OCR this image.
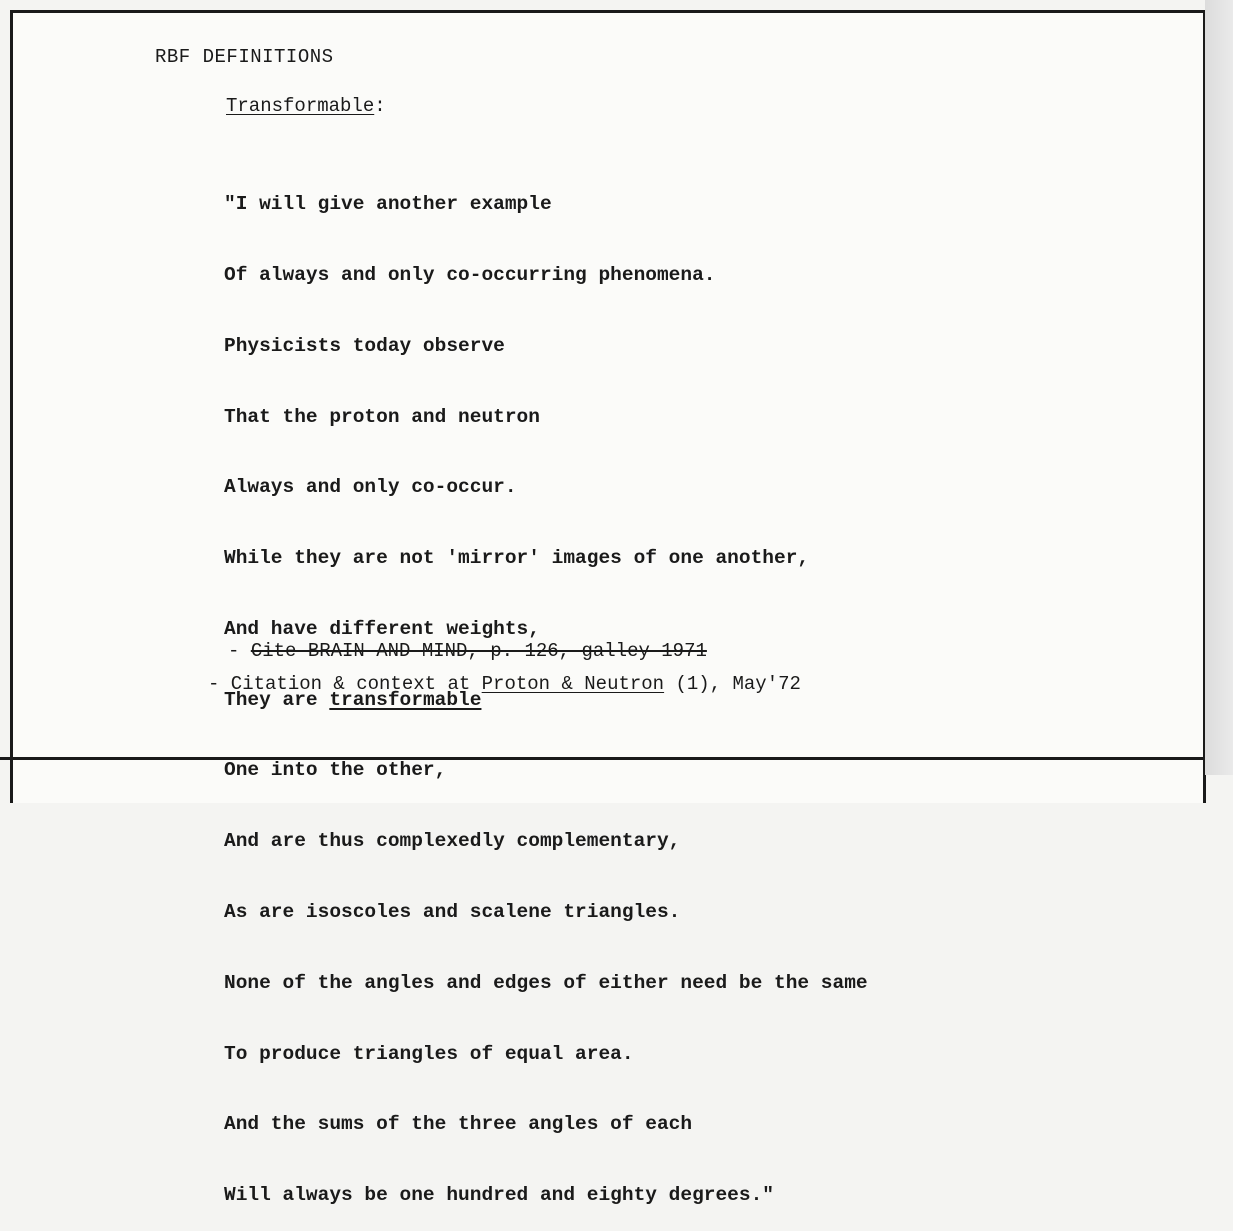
RBF DEFINITIONS
Transformable:

"I will give another example

Of always and only co-occurring phenomena.

Physicists today observe

That the proton and neutron

Always and only co-occur.

While they are not 'mirror' images of one another,

And have different weights,

They are transformable

One into the other,

And are thus complexedly complementary,

As are isoscoles and scalene triangles.

None of the angles and edges of either need be the same

To produce triangles of equal area.

And the sums of the three angles of each

Will always be one hundred and eighty degrees."

- Cite BRAIN AND MIND, p. 126, galley 1971
- Citation & context at Proton & Neutron (1), May'72
